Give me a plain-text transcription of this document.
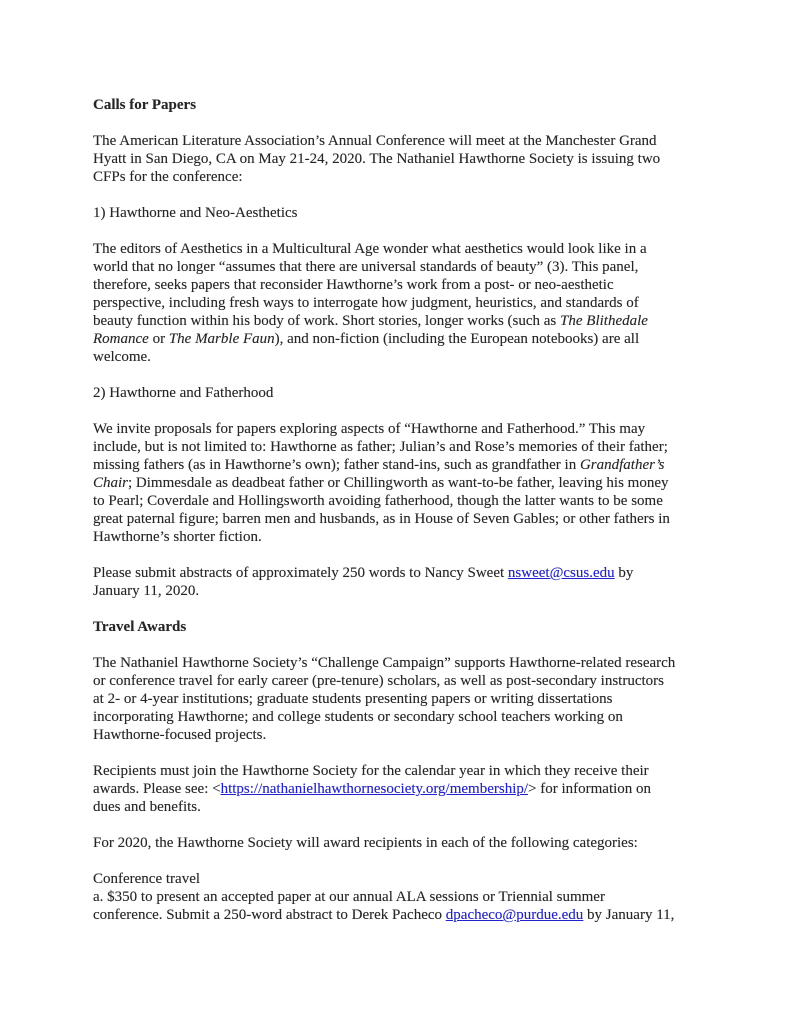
Calls for Papers
The American Literature Association’s Annual Conference will meet at the Manchester Grand
Hyatt in San Diego, CA on May 21-24, 2020. The Nathaniel Hawthorne Society is issuing two
CFPs for the conference:
1) Hawthorne and Neo-Aesthetics
The editors of Aesthetics in a Multicultural Age wonder what aesthetics would look like in a
world that no longer “assumes that there are universal standards of beauty” (3). This panel,
therefore, seeks papers that reconsider Hawthorne’s work from a post- or neo-aesthetic
perspective, including fresh ways to interrogate how judgment, heuristics, and standards of
beauty function within his body of work. Short stories, longer works (such as The Blithedale
Romance or The Marble Faun), and non-fiction (including the European notebooks) are all
welcome.
2) Hawthorne and Fatherhood
We invite proposals for papers exploring aspects of “Hawthorne and Fatherhood.” This may
include, but is not limited to: Hawthorne as father; Julian’s and Rose’s memories of their father;
missing fathers (as in Hawthorne’s own); father stand-ins, such as grandfather in Grandfather’s
Chair; Dimmesdale as deadbeat father or Chillingworth as want-to-be father, leaving his money
to Pearl; Coverdale and Hollingsworth avoiding fatherhood, though the latter wants to be some
great paternal figure; barren men and husbands, as in House of Seven Gables; or other fathers in
Hawthorne’s shorter fiction.
Please submit abstracts of approximately 250 words to Nancy Sweet nsweet@csus.edu by
January 11, 2020.
Travel Awards
The Nathaniel Hawthorne Society’s “Challenge Campaign” supports Hawthorne-related research
or conference travel for early career (pre-tenure) scholars, as well as post-secondary instructors
at 2- or 4-year institutions; graduate students presenting papers or writing dissertations
incorporating Hawthorne; and college students or secondary school teachers working on
Hawthorne-focused projects.
Recipients must join the Hawthorne Society for the calendar year in which they receive their
awards. Please see: <https://nathanielhawthornesociety.org/membership/> for information on
dues and benefits.
For 2020, the Hawthorne Society will award recipients in each of the following categories:
Conference travel
a. $350 to present an accepted paper at our annual ALA sessions or Triennial summer
conference. Submit a 250-word abstract to Derek Pacheco dpacheco@purdue.edu by January 11,
